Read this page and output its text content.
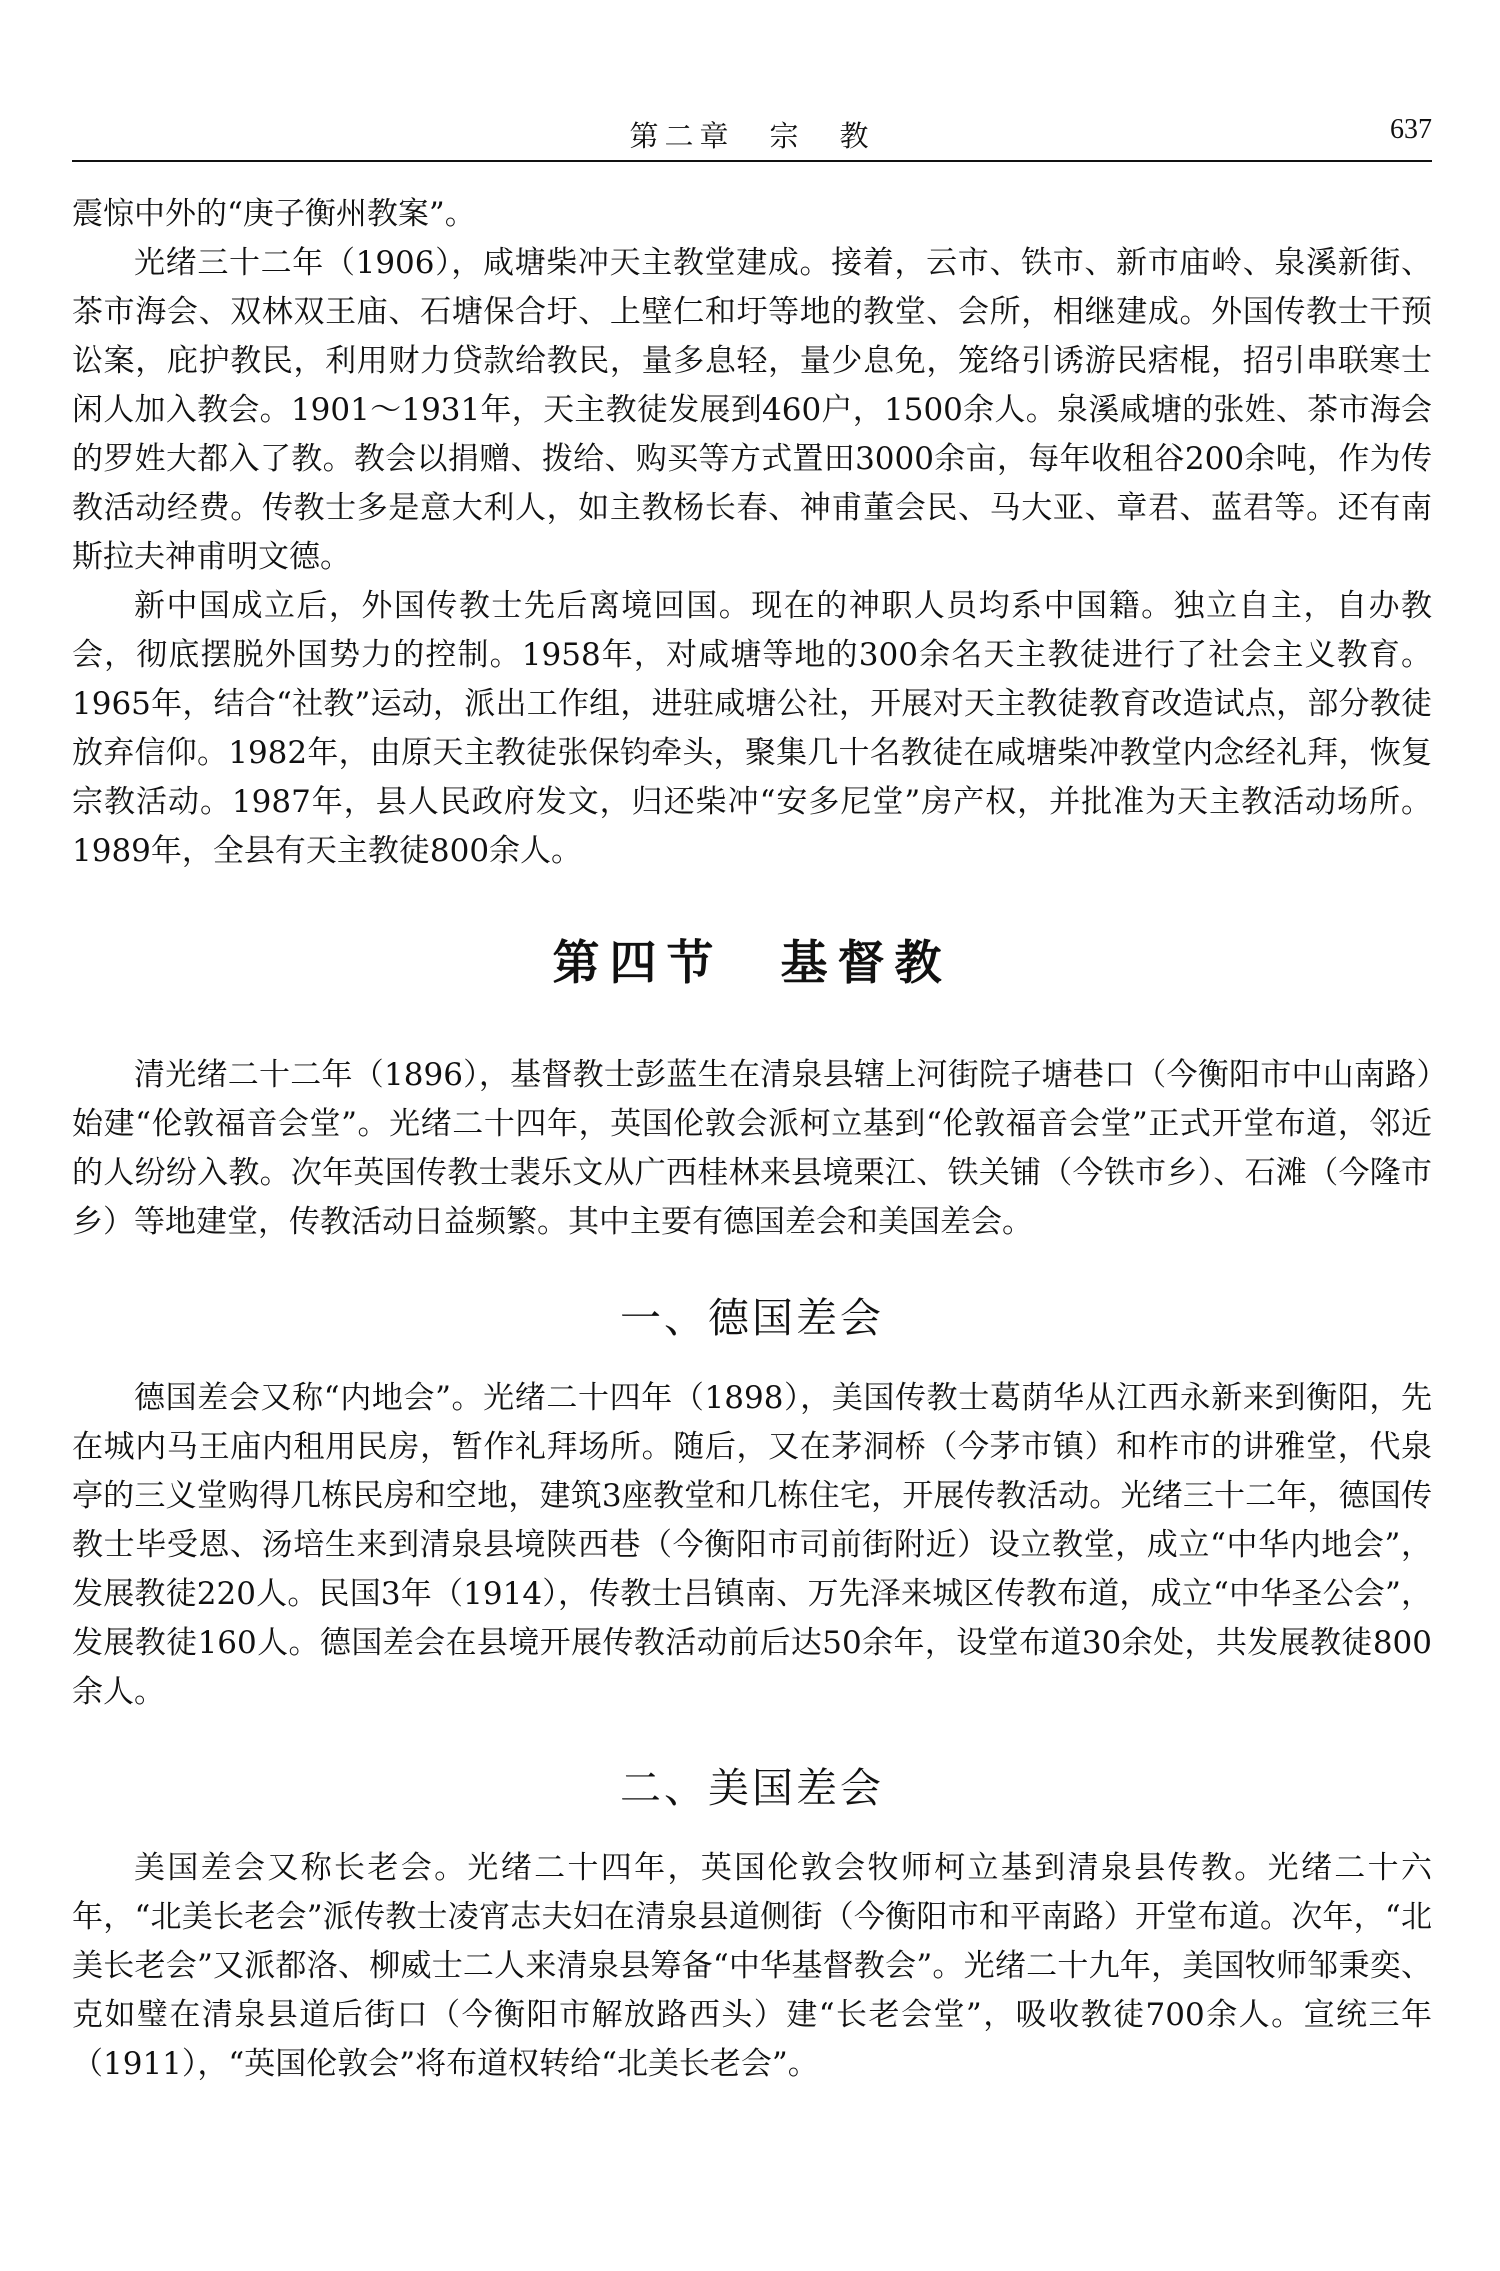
第二章　宗　教	637

震惊中外的“庚子衡州教案”。

光绪三十二年（1906），咸塘柴冲天主教堂建成。接着，云市、铁市、新市庙岭、泉溪新街、茶市海会、双林双王庙、石塘保合圩、上壁仁和圩等地的教堂、会所，相继建成。外国传教士干预讼案，庇护教民，利用财力贷款给教民，量多息轻，量少息免，笼络引诱游民痞棍，招引串联寒士闲人加入教会。1901～1931年，天主教徒发展到460户，1500余人。泉溪咸塘的张姓、茶市海会的罗姓大都入了教。教会以捐赠、拨给、购买等方式置田3000余亩，每年收租谷200余吨，作为传教活动经费。传教士多是意大利人，如主教杨长春、神甫董会民、马大亚、章君、蓝君等。还有南斯拉夫神甫明文德。

新中国成立后，外国传教士先后离境回国。现在的神职人员均系中国籍。独立自主，自办教会，彻底摆脱外国势力的控制。1958年，对咸塘等地的300余名天主教徒进行了社会主义教育。1965年，结合“社教”运动，派出工作组，进驻咸塘公社，开展对天主教徒教育改造试点，部分教徒放弃信仰。1982年，由原天主教徒张保钧牵头，聚集几十名教徒在咸塘柴冲教堂内念经礼拜，恢复宗教活动。1987年，县人民政府发文，归还柴冲“安多尼堂”房产权，并批准为天主教活动场所。1989年，全县有天主教徒800余人。

第四节　基督教

清光绪二十二年（1896），基督教士彭蓝生在清泉县辖上河街院子塘巷口（今衡阳市中山南路）始建“伦敦福音会堂”。光绪二十四年，英国伦敦会派柯立基到“伦敦福音会堂”正式开堂布道，邻近的人纷纷入教。次年英国传教士裴乐文从广西桂林来县境栗江、铁关铺（今铁市乡）、石滩（今隆市乡）等地建堂，传教活动日益频繁。其中主要有德国差会和美国差会。

一、德国差会

德国差会又称“内地会”。光绪二十四年（1898），美国传教士葛荫华从江西永新来到衡阳，先在城内马王庙内租用民房，暂作礼拜场所。随后，又在茅洞桥（今茅市镇）和柞市的讲雅堂，代泉亭的三义堂购得几栋民房和空地，建筑3座教堂和几栋住宅，开展传教活动。光绪三十二年，德国传教士毕受恩、汤培生来到清泉县境陕西巷（今衡阳市司前街附近）设立教堂，成立“中华内地会”，发展教徒220人。民国3年（1914），传教士吕镇南、万先泽来城区传教布道，成立“中华圣公会”，发展教徒160人。德国差会在县境开展传教活动前后达50余年，设堂布道30余处，共发展教徒800余人。

二、美国差会

美国差会又称长老会。光绪二十四年，英国伦敦会牧师柯立基到清泉县传教。光绪二十六年，“北美长老会”派传教士凌宵志夫妇在清泉县道侧街（今衡阳市和平南路）开堂布道。次年，“北美长老会”又派都洛、柳威士二人来清泉县筹备“中华基督教会”。光绪二十九年，美国牧师邹秉奕、克如璧在清泉县道后街口（今衡阳市解放路西头）建“长老会堂”，吸收教徒700余人。宣统三年（1911），“英国伦敦会”将布道权转给“北美长老会”。
